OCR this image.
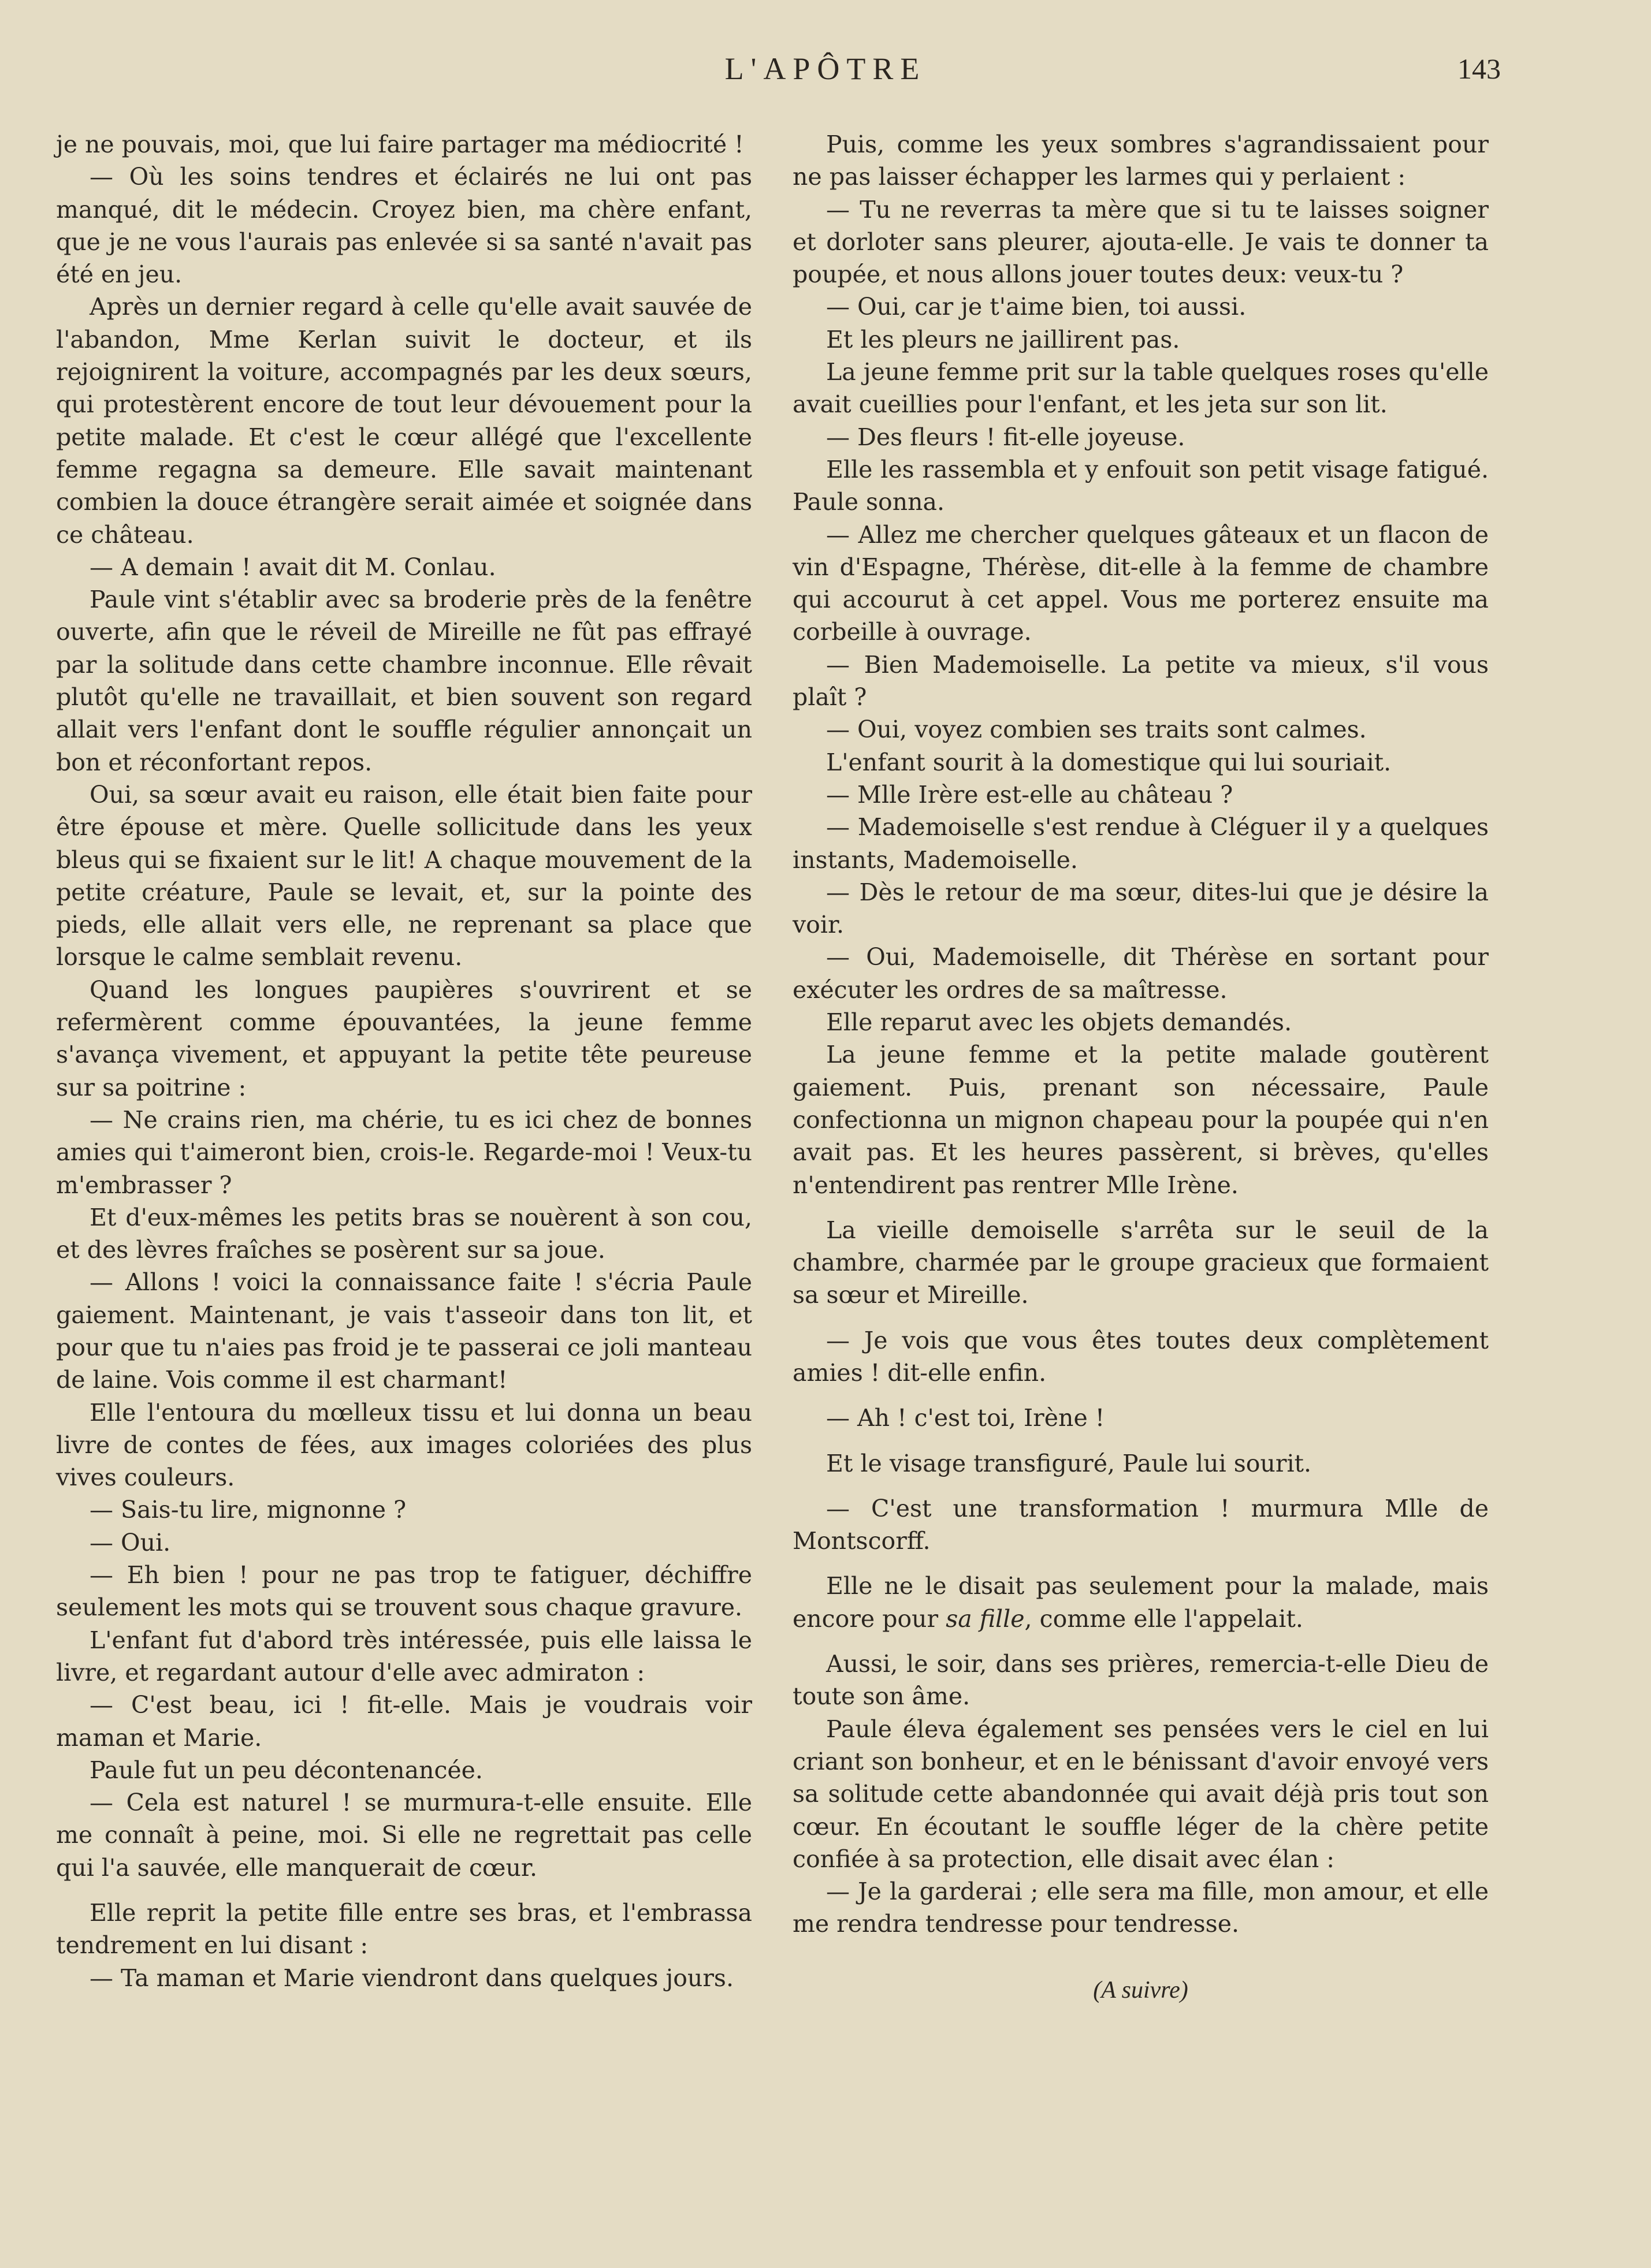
L'APÔTRE	143

je ne pouvais, moi, que lui faire partager ma médiocrité !

— Où les soins tendres et éclairés ne lui ont pas manqué, dit le médecin. Croyez bien, ma chère enfant, que je ne vous l'aurais pas enlevée si sa santé n'avait pas été en jeu.

Après un dernier regard à celle qu'elle avait sauvée de l'abandon, Mme Kerlan suivit le docteur, et ils rejoignirent la voiture, accompagnés par les deux sœurs, qui protestèrent encore de tout leur dévouement pour la petite malade. Et c'est le cœur allégé que l'excellente femme regagna sa demeure. Elle savait maintenant combien la douce étrangère serait aimée et soignée dans ce château.

— A demain ! avait dit M. Conlau.

Paule vint s'établir avec sa broderie près de la fenêtre ouverte, afin que le réveil de Mireille ne fût pas effrayé par la solitude dans cette chambre inconnue. Elle rêvait plutôt qu'elle ne travaillait, et bien souvent son regard allait vers l'enfant dont le souffle régulier annonçait un bon et réconfortant repos.

Oui, sa sœur avait eu raison, elle était bien faite pour être épouse et mère. Quelle sollicitude dans les yeux bleus qui se fixaient sur le lit! A chaque mouvement de la petite créature, Paule se levait, et, sur la pointe des pieds, elle allait vers elle, ne reprenant sa place que lorsque le calme semblait revenu.

Quand les longues paupières s'ouvrirent et se refermèrent comme épouvantées, la jeune femme s'avança vivement, et appuyant la petite tête peureuse sur sa poitrine :

— Ne crains rien, ma chérie, tu es ici chez de bonnes amies qui t'aimeront bien, crois-le. Regarde-moi ! Veux-tu m'embrasser ?

Et d'eux-mêmes les petits bras se nouèrent à son cou, et des lèvres fraîches se posèrent sur sa joue.

— Allons ! voici la connaissance faite ! s'écria Paule gaiement. Maintenant, je vais t'asseoir dans ton lit, et pour que tu n'aies pas froid je te passerai ce joli manteau de laine. Vois comme il est charmant!

Elle l'entoura du mœlleux tissu et lui donna un beau livre de contes de fées, aux images coloriées des plus vives couleurs.

— Sais-tu lire, mignonne ?

— Oui.

— Eh bien ! pour ne pas trop te fatiguer, déchiffre seulement les mots qui se trouvent sous chaque gravure.

L'enfant fut d'abord très intéressée, puis elle laissa le livre, et regardant autour d'elle avec admiraton :

— C'est beau, ici ! fit-elle. Mais je voudrais voir maman et Marie.

Paule fut un peu décontenancée.

— Cela est naturel ! se murmura-t-elle ensuite. Elle me connaît à peine, moi. Si elle ne regrettait pas celle qui l'a sauvée, elle manquerait de cœur.

Elle reprit la petite fille entre ses bras, et l'embrassa tendrement en lui disant :

— Ta maman et Marie viendront dans quelques jours.

Puis, comme les yeux sombres s'agrandissaient pour ne pas laisser échapper les larmes qui y perlaient :

— Tu ne reverras ta mère que si tu te laisses soigner et dorloter sans pleurer, ajouta-elle. Je vais te donner ta poupée, et nous allons jouer toutes deux: veux-tu ?

— Oui, car je t'aime bien, toi aussi.

Et les pleurs ne jaillirent pas.

La jeune femme prit sur la table quelques roses qu'elle avait cueillies pour l'enfant, et les jeta sur son lit.

— Des fleurs ! fit-elle joyeuse.

Elle les rassembla et y enfouit son petit visage fatigué. Paule sonna.

— Allez me chercher quelques gâteaux et un flacon de vin d'Espagne, Thérèse, dit-elle à la femme de chambre qui accourut à cet appel. Vous me porterez ensuite ma corbeille à ouvrage.

— Bien Mademoiselle. La petite va mieux, s'il vous plaît ?

— Oui, voyez combien ses traits sont calmes.

L'enfant sourit à la domestique qui lui souriait.

— Mlle Irère est-elle au château ?

— Mademoiselle s'est rendue à Cléguer il y a quelques instants, Mademoiselle.

— Dès le retour de ma sœur, dites-lui que je désire la voir.

— Oui, Mademoiselle, dit Thérèse en sortant pour exécuter les ordres de sa maîtresse.

Elle reparut avec les objets demandés.

La jeune femme et la petite malade goutèrent gaiement. Puis, prenant son nécessaire, Paule confectionna un mignon chapeau pour la poupée qui n'en avait pas. Et les heures passèrent, si brèves, qu'elles n'entendirent pas rentrer Mlle Irène.

La vieille demoiselle s'arrêta sur le seuil de la chambre, charmée par le groupe gracieux que formaient sa sœur et Mireille.

— Je vois que vous êtes toutes deux complètement amies ! dit-elle enfin.

— Ah ! c'est toi, Irène !

Et le visage transfiguré, Paule lui sourit.

— C'est une transformation ! murmura Mlle de Montscorff.

Elle ne le disait pas seulement pour la malade, mais encore pour sa fille, comme elle l'appelait.

Aussi, le soir, dans ses prières, remercia-t-elle Dieu de toute son âme.

Paule éleva également ses pensées vers le ciel en lui criant son bonheur, et en le bénissant d'avoir envoyé vers sa solitude cette abandonnée qui avait déjà pris tout son cœur. En écoutant le souffle léger de la chère petite confiée à sa protection, elle disait avec élan :

— Je la garderai ; elle sera ma fille, mon amour, et elle me rendra tendresse pour tendresse.

(A suivre)
